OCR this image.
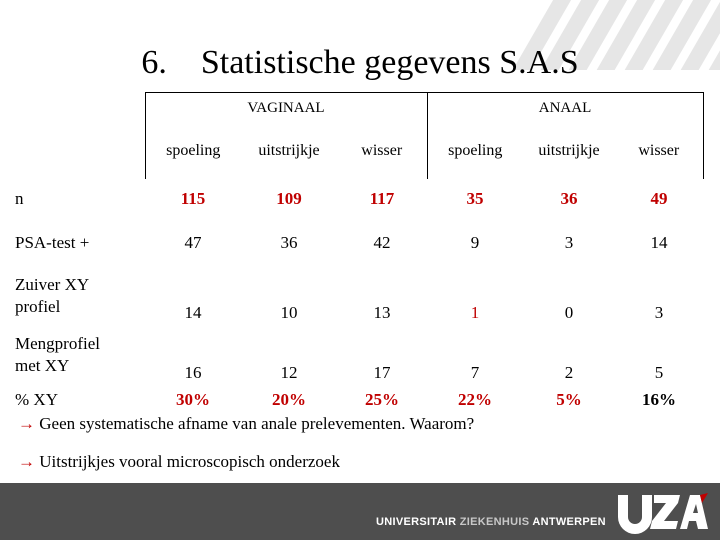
6. Statistische gegevens S.A.S
	VAGINAAL			ANAAL		
	spoeling	uitstrijkje	wisser	spoeling	uitstrijkje	wisser
n	115	109	117	35	36	49
PSA-test +	47	36	42	9	3	14
Zuiver XY
profiel	14	10	13	1	0	3
Mengprofiel
met XY	16	12	17	7	2	5
% XY	30%	20%	25%	22%	5%	16%
→ Geen systematische afname van anale prelevementen. Waarom?
→ Uitstrijkjes vooral microscopisch onderzoek
UNIVERSITAIR ZIEKENHUIS ANTWERPEN
